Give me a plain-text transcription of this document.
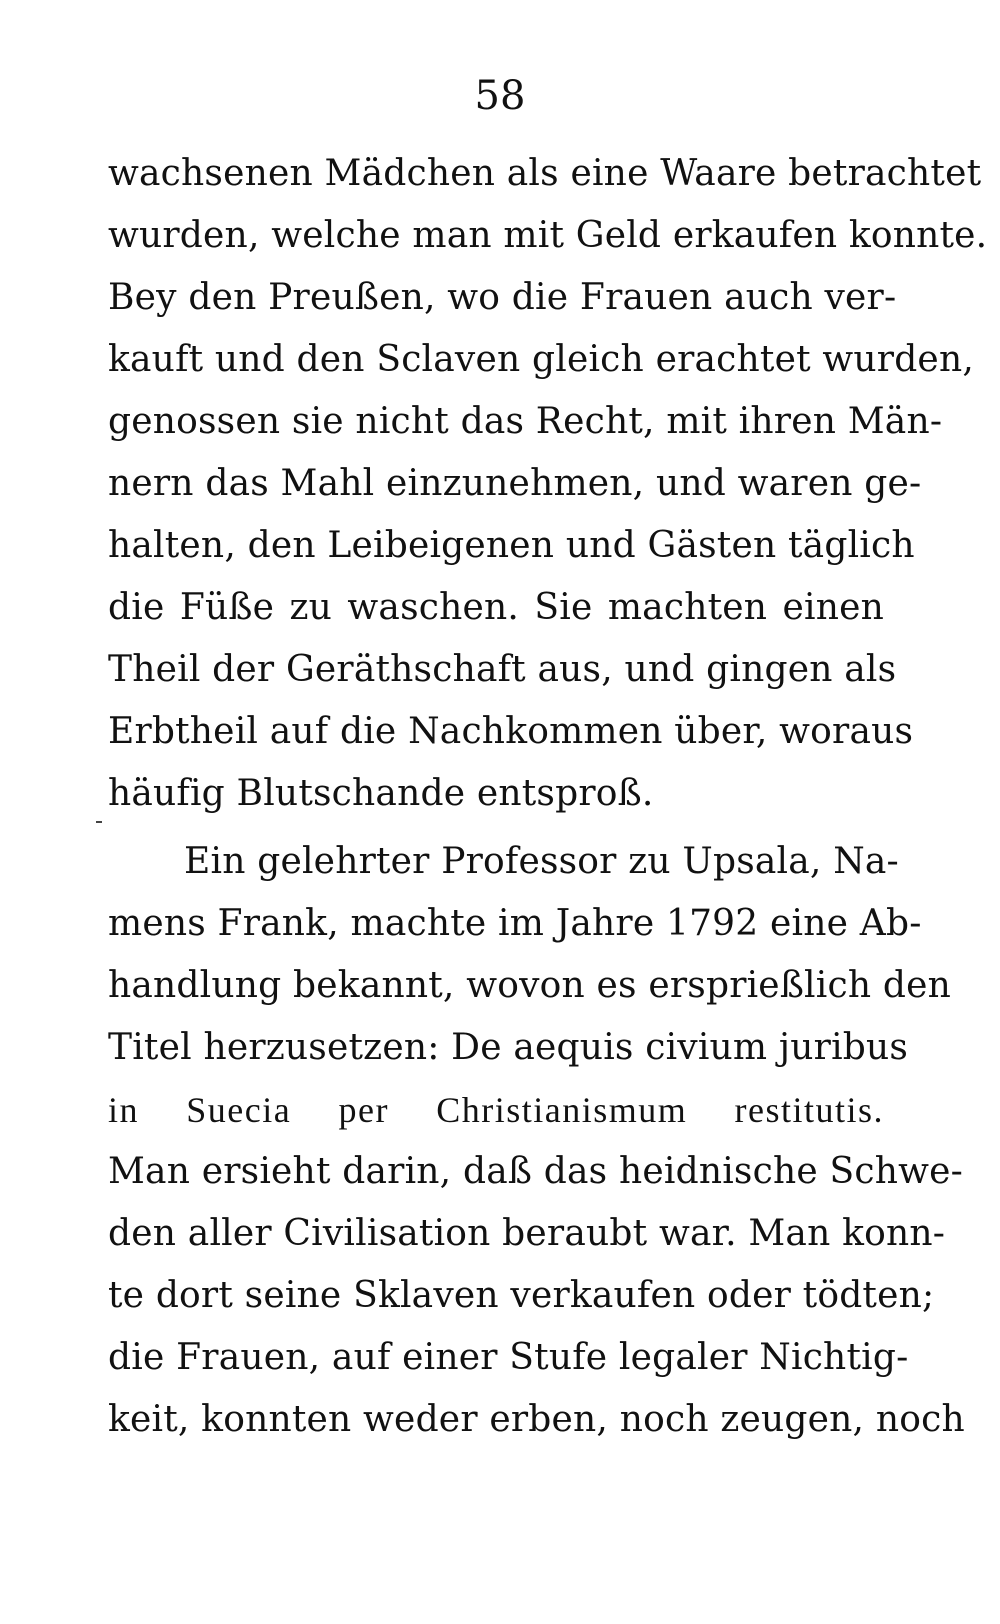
58
wachsenen Mädchen als eine Waare betrachtet
wurden, welche man mit Geld erkaufen konnte.
Bey den Preußen, wo die Frauen auch ver-
kauft und den Sclaven gleich erachtet wurden,
genossen sie nicht das Recht, mit ihren Män-
nern das Mahl einzunehmen, und waren ge-
halten, den Leibeigenen und Gästen täglich
die Füße zu waschen. Sie machten einen
Theil der Geräthschaft aus, und gingen als
Erbtheil auf die Nachkommen über, woraus
häufig Blutschande entsproß.
Ein gelehrter Professor zu Upsala, Na-
mens Frank, machte im Jahre 1792 eine Ab-
handlung bekannt, wovon es ersprießlich den
Titel herzusetzen: De aequis civium juribus
in Suecia per Christianismum restitutis.
Man ersieht darin, daß das heidnische Schwe-
den aller Civilisation beraubt war. Man konn-
te dort seine Sklaven verkaufen oder tödten;
die Frauen, auf einer Stufe legaler Nichtig-
keit, konnten weder erben, noch zeugen, noch
